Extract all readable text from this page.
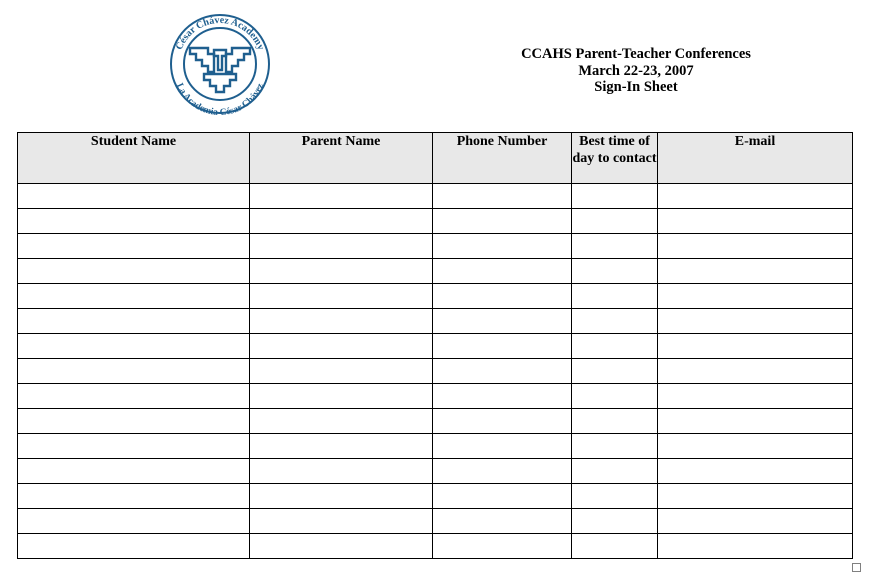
César Chávez Academy
La Academia César Chávez
CCAHS Parent-Teacher Conferences
March 22-23, 2007
Sign-In Sheet
Student Name	Parent Name	Phone Number	Best time of day to contact	E-mail
